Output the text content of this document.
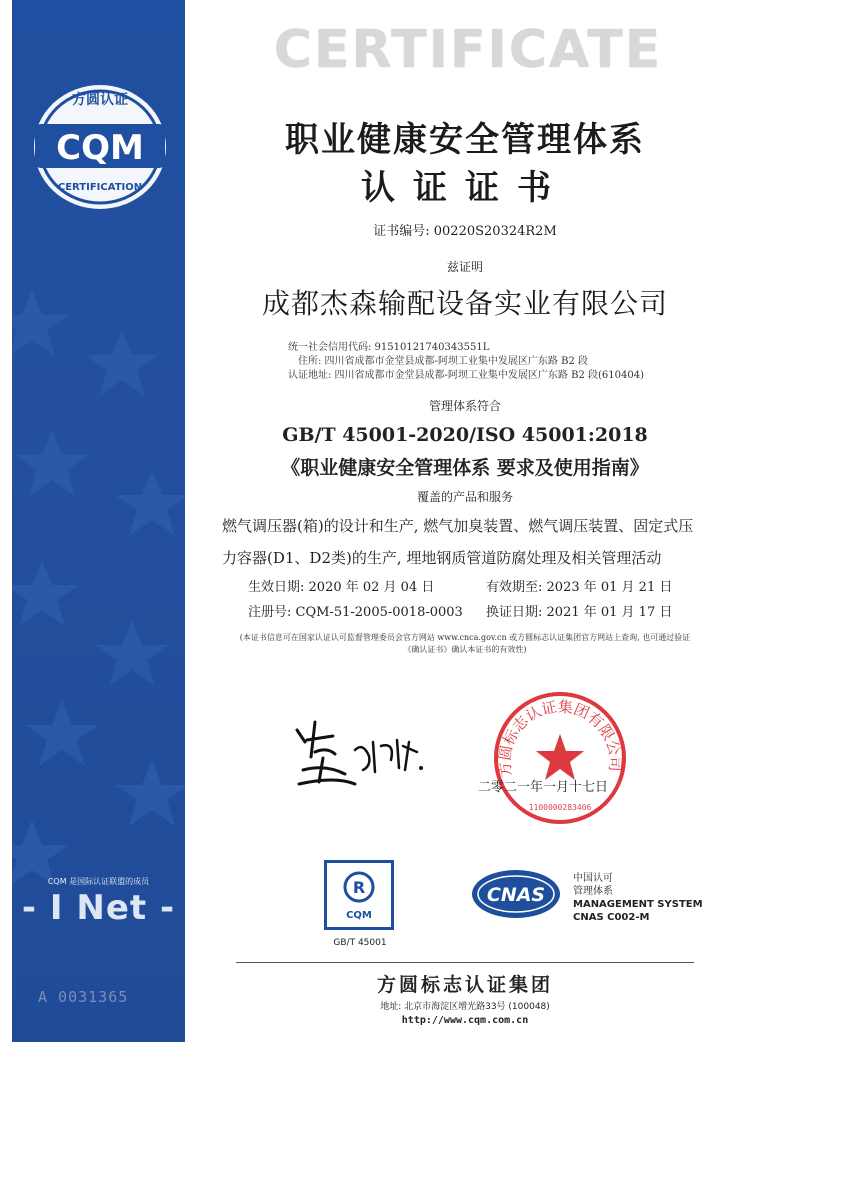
方圆认证
CQM
CERTIFICATION
CQM 是国际认证联盟的成员
- I Net -
A 0031365
CERTIFICATE
职业健康安全管理体系
认证证书
证书编号: 00220S20324R2M
兹证明
成都杰森输配设备实业有限公司
统一社会信用代码: 91510121740343551L
住所: 四川省成都市金堂县成都-阿坝工业集中发展区广东路 B2 段
认证地址: 四川省成都市金堂县成都-阿坝工业集中发展区广东路 B2 段(610404)
管理体系符合
GB/T 45001-2020/ISO 45001:2018
《职业健康安全管理体系 要求及使用指南》
覆盖的产品和服务
燃气调压器(箱)的设计和生产, 燃气加臭装置、燃气调压装置、固定式压
力容器(D1、D2类)的生产, 埋地钢质管道防腐处理及相关管理活动
生效日期: 2020 年 02 月 04 日	有效期至: 2023 年 01 月 21 日
注册号: CQM-51-2005-0018-0003 换证日期: 2021 年 01 月 17 日
(本证书信息可在国家认证认可监督管理委员会官方网站 www.cnca.gov.cn 或方圆标志认证集团官方网站上查询, 也可通过验证
《确认证书》确认本证书的有效性)
方圆标志认证集团有限公司
1100000283406
二零二一年一月十七日
R
CQM
GB/T 45001
CNAS
中国认可
管理体系
MANAGEMENT SYSTEM
CNAS C002-M
方圆标志认证集团
地址: 北京市海淀区增光路33号 (100048)
http://www.cqm.com.cn
